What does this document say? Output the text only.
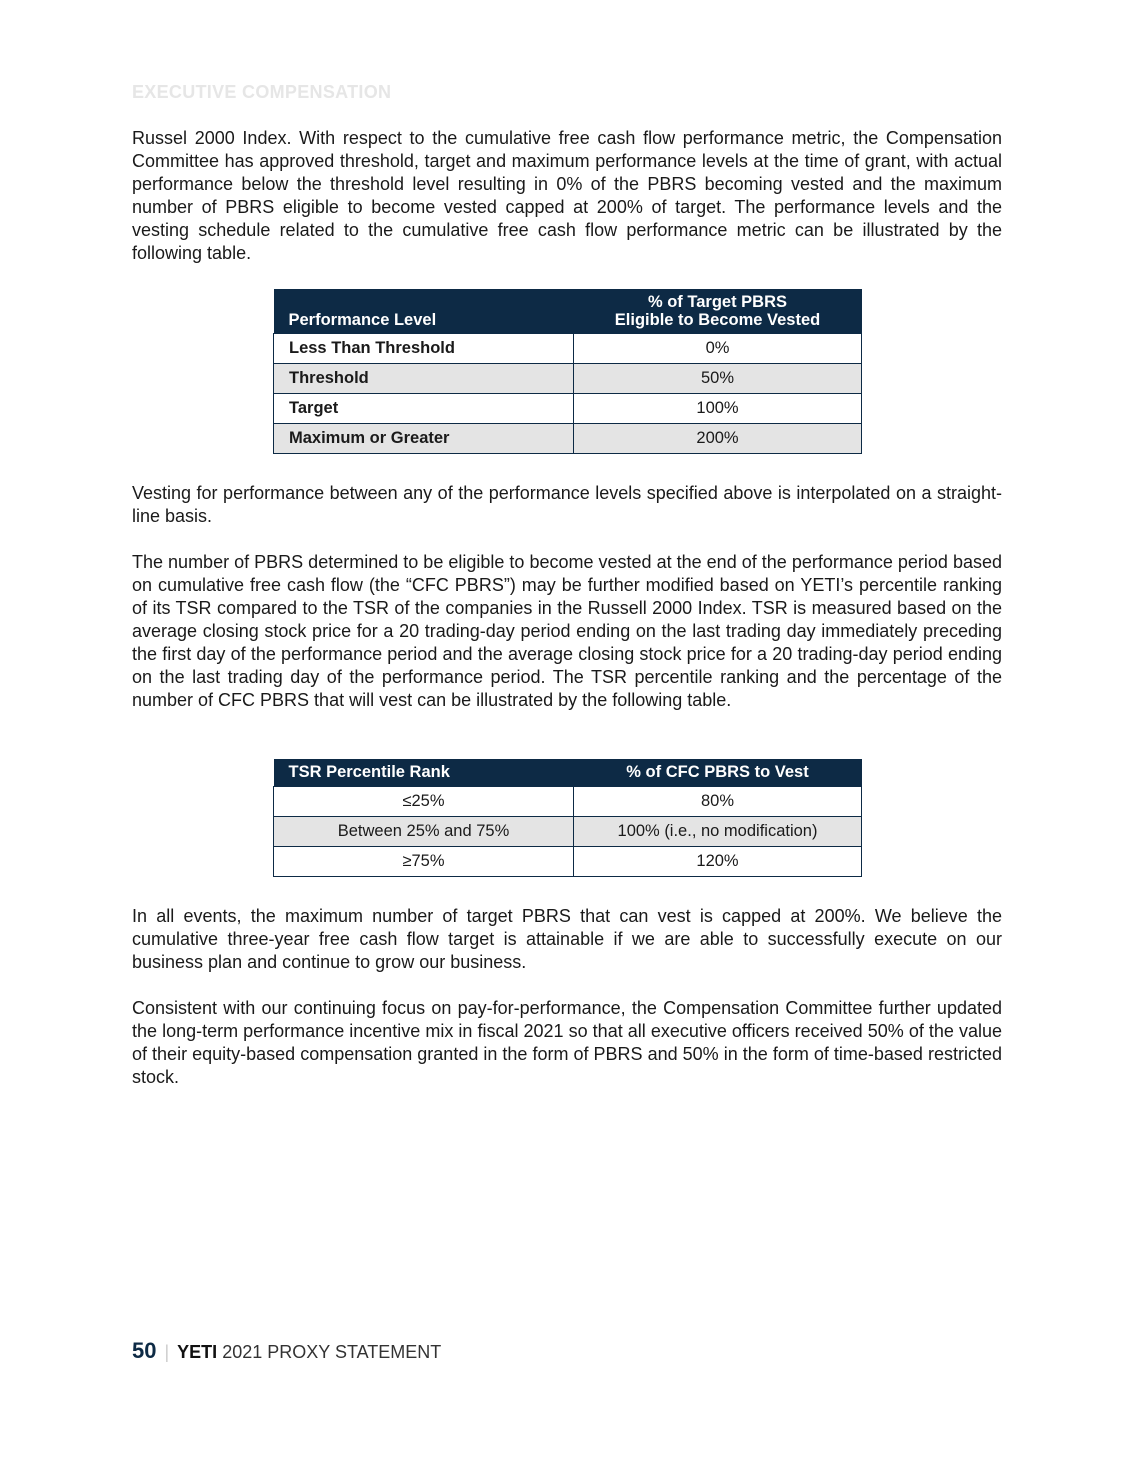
EXECUTIVE COMPENSATION

Russel 2000 Index. With respect to the cumulative free cash flow performance metric, the Compensation Committee has approved threshold, target and maximum performance levels at the time of grant, with actual performance below the threshold level resulting in 0% of the PBRS becoming vested and the maximum number of PBRS eligible to become vested capped at 200% of target. The performance levels and the vesting schedule related to the cumulative free cash flow performance metric can be illustrated by the following table.

Performance Level	% of Target PBRS
Eligible to Become Vested
Less Than Threshold	0%
Threshold	50%
Target	100%
Maximum or Greater	200%

Vesting for performance between any of the performance levels specified above is interpolated on a straight-line basis.

The number of PBRS determined to be eligible to become vested at the end of the performance period based on cumulative free cash flow (the “CFC PBRS”) may be further modified based on YETI’s percentile ranking of its TSR compared to the TSR of the companies in the Russell 2000 Index. TSR is measured based on the average closing stock price for a 20 trading-day period ending on the last trading day immediately preceding the first day of the performance period and the average closing stock price for a 20 trading-day period ending on the last trading day of the performance period. The TSR percentile ranking and the percentage of the number of CFC PBRS that will vest can be illustrated by the following table.

TSR Percentile Rank	% of CFC PBRS to Vest
≤25%	80%
Between 25% and 75%	100% (i.e., no modification)
≥75%	120%

In all events, the maximum number of target PBRS that can vest is capped at 200%. We believe the cumulative three-year free cash flow target is attainable if we are able to successfully execute on our business plan and continue to grow our business.

Consistent with our continuing focus on pay-for-performance, the Compensation Committee further updated the long-term performance incentive mix in fiscal 2021 so that all executive officers received 50% of the value of their equity-based compensation granted in the form of PBRS and 50% in the form of time-based restricted stock.

50 | YETI 2021 PROXY STATEMENT
